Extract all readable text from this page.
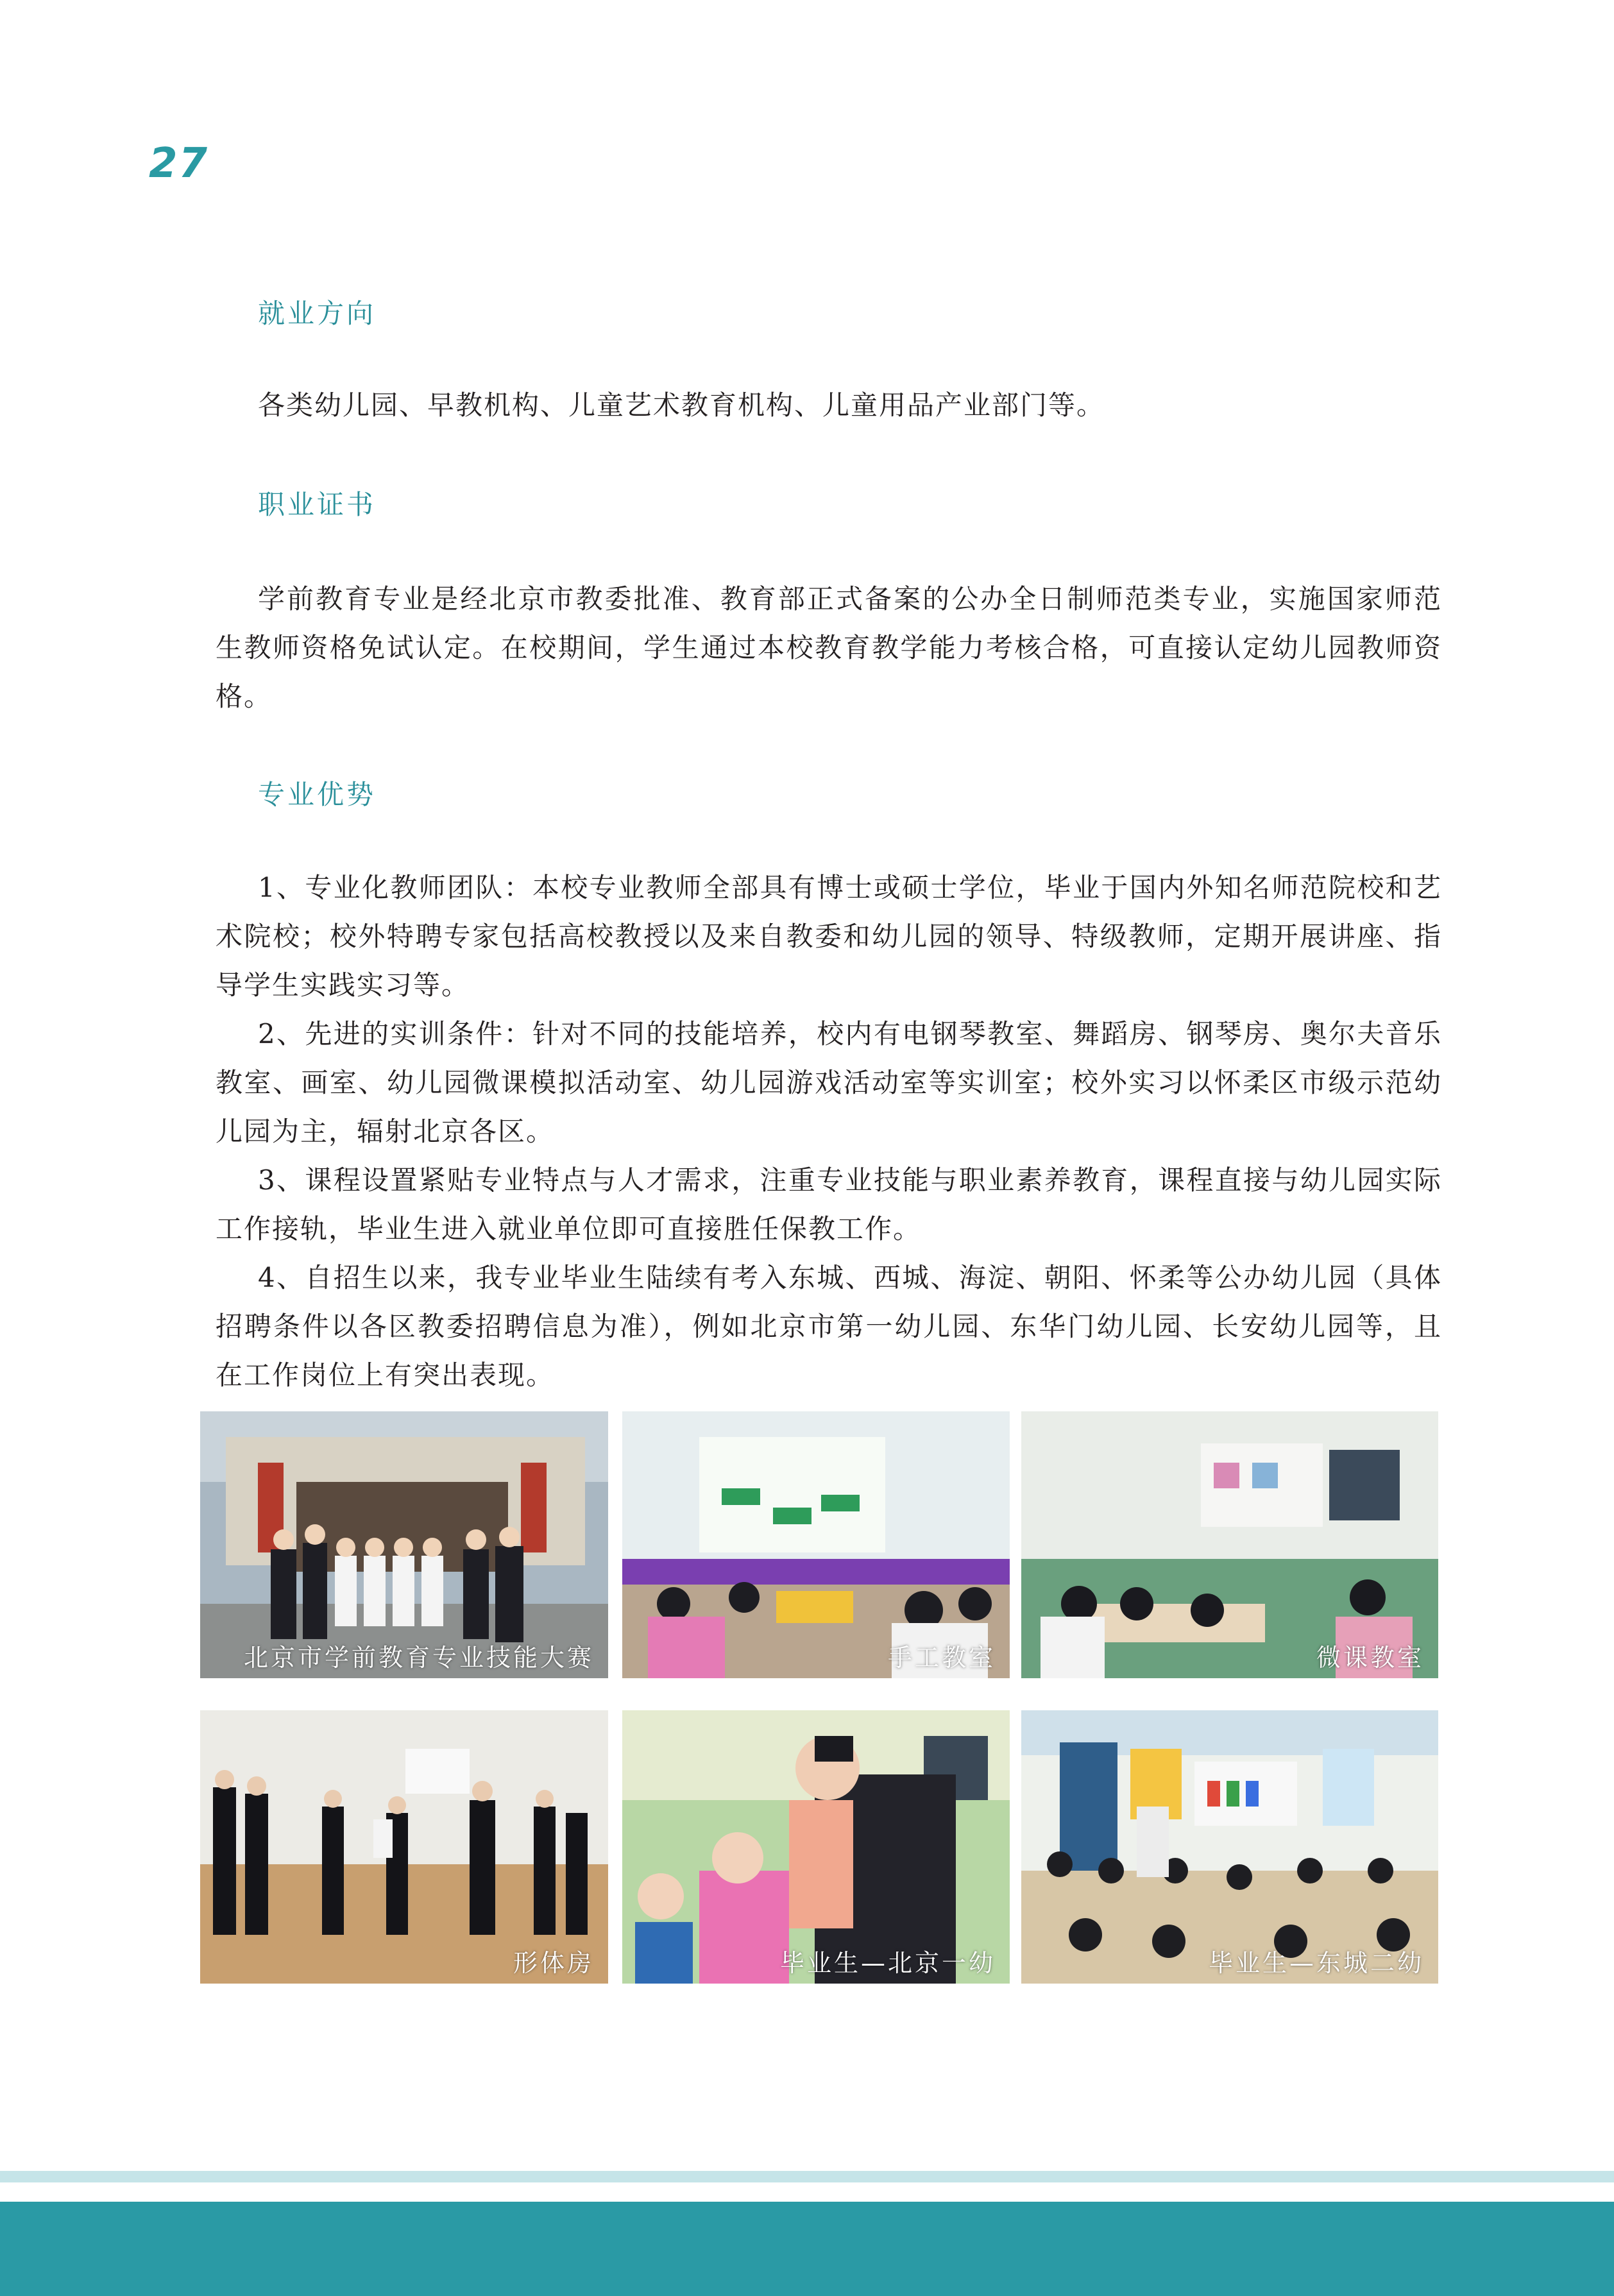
27
就业方向

各类幼儿园、早教机构、儿童艺术教育机构、儿童用品产业部门等。

职业证书

学前教育专业是经北京市教委批准、教育部正式备案的公办全日制师范类专业，实施国家师范生教师资格免试认定。在校期间，学生通过本校教育教学能力考核合格，可直接认定幼儿园教师资格。

专业优势

1、专业化教师团队：本校专业教师全部具有博士或硕士学位，毕业于国内外知名师范院校和艺术院校；校外特聘专家包括高校教授以及来自教委和幼儿园的领导、特级教师，定期开展讲座、指导学生实践实习等。

2、先进的实训条件：针对不同的技能培养，校内有电钢琴教室、舞蹈房、钢琴房、奥尔夫音乐教室、画室、幼儿园微课模拟活动室、幼儿园游戏活动室等实训室；校外实习以怀柔区市级示范幼儿园为主，辐射北京各区。

3、课程设置紧贴专业特点与人才需求，注重专业技能与职业素养教育，课程直接与幼儿园实际工作接轨，毕业生进入就业单位即可直接胜任保教工作。

4、自招生以来，我专业毕业生陆续有考入东城、西城、海淀、朝阳、怀柔等公办幼儿园（具体招聘条件以各区教委招聘信息为准），例如北京市第一幼儿园、东华门幼儿园、长安幼儿园等，且在工作岗位上有突出表现。

北京市学前教育专业技能大赛	手工教室	微课教室
形体房	毕业生—北京一幼	毕业生—东城二幼
